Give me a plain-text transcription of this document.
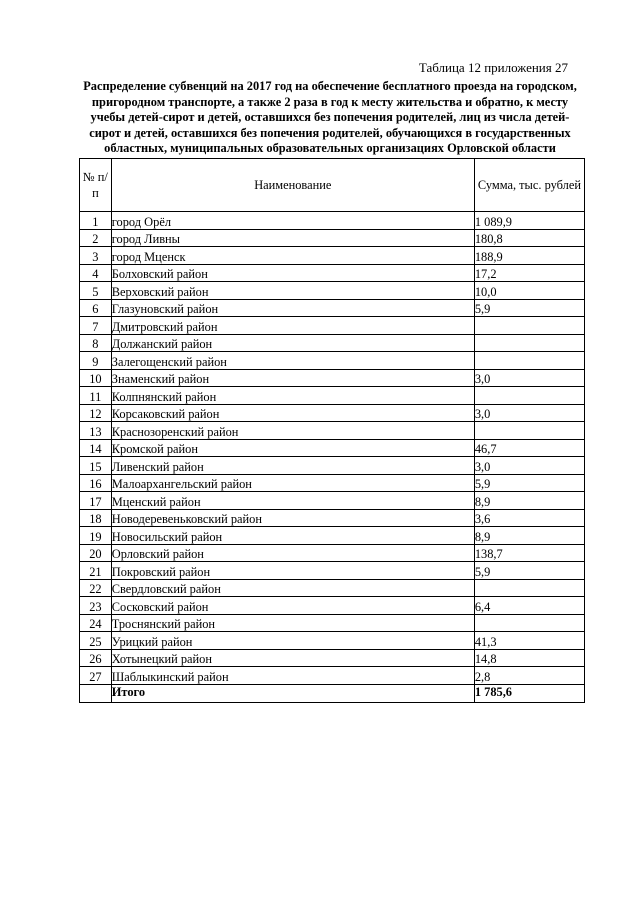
Таблица 12 приложения 27
Распределение субвенций на 2017 год на обеспечение бесплатного проезда на городском, пригородном транспорте, а также 2 раза в год к месту жительства и обратно, к месту учебы детей-сирот и детей, оставшихся без попечения родителей, лиц из числа детей-сирот и детей, оставшихся без попечения родителей, обучающихся в государственных областных, муниципальных образовательных организациях Орловской области
№ п/п	Наименование	Сумма, тыс. рублей
1	город Орёл	1 089,9
2	город Ливны	180,8
3	город Мценск	188,9
4	Болховский район	17,2
5	Верховский район	10,0
6	Глазуновский район	5,9
7	Дмитровский район	
8	Должанский район	
9	Залегощенский район	
10	Знаменский район	3,0
11	Колпнянский район	
12	Корсаковский район	3,0
13	Краснозоренский район	
14	Кромской район	46,7
15	Ливенский район	3,0
16	Малоархангельский район	5,9
17	Мценский район	8,9
18	Новодеревеньковский район	3,6
19	Новосильский район	8,9
20	Орловский район	138,7
21	Покровский район	5,9
22	Свердловский район	
23	Сосковский район	6,4
24	Троснянский район	
25	Урицкий район	41,3
26	Хотынецкий район	14,8
27	Шаблыкинский район	2,8
	Итого	1 785,6
